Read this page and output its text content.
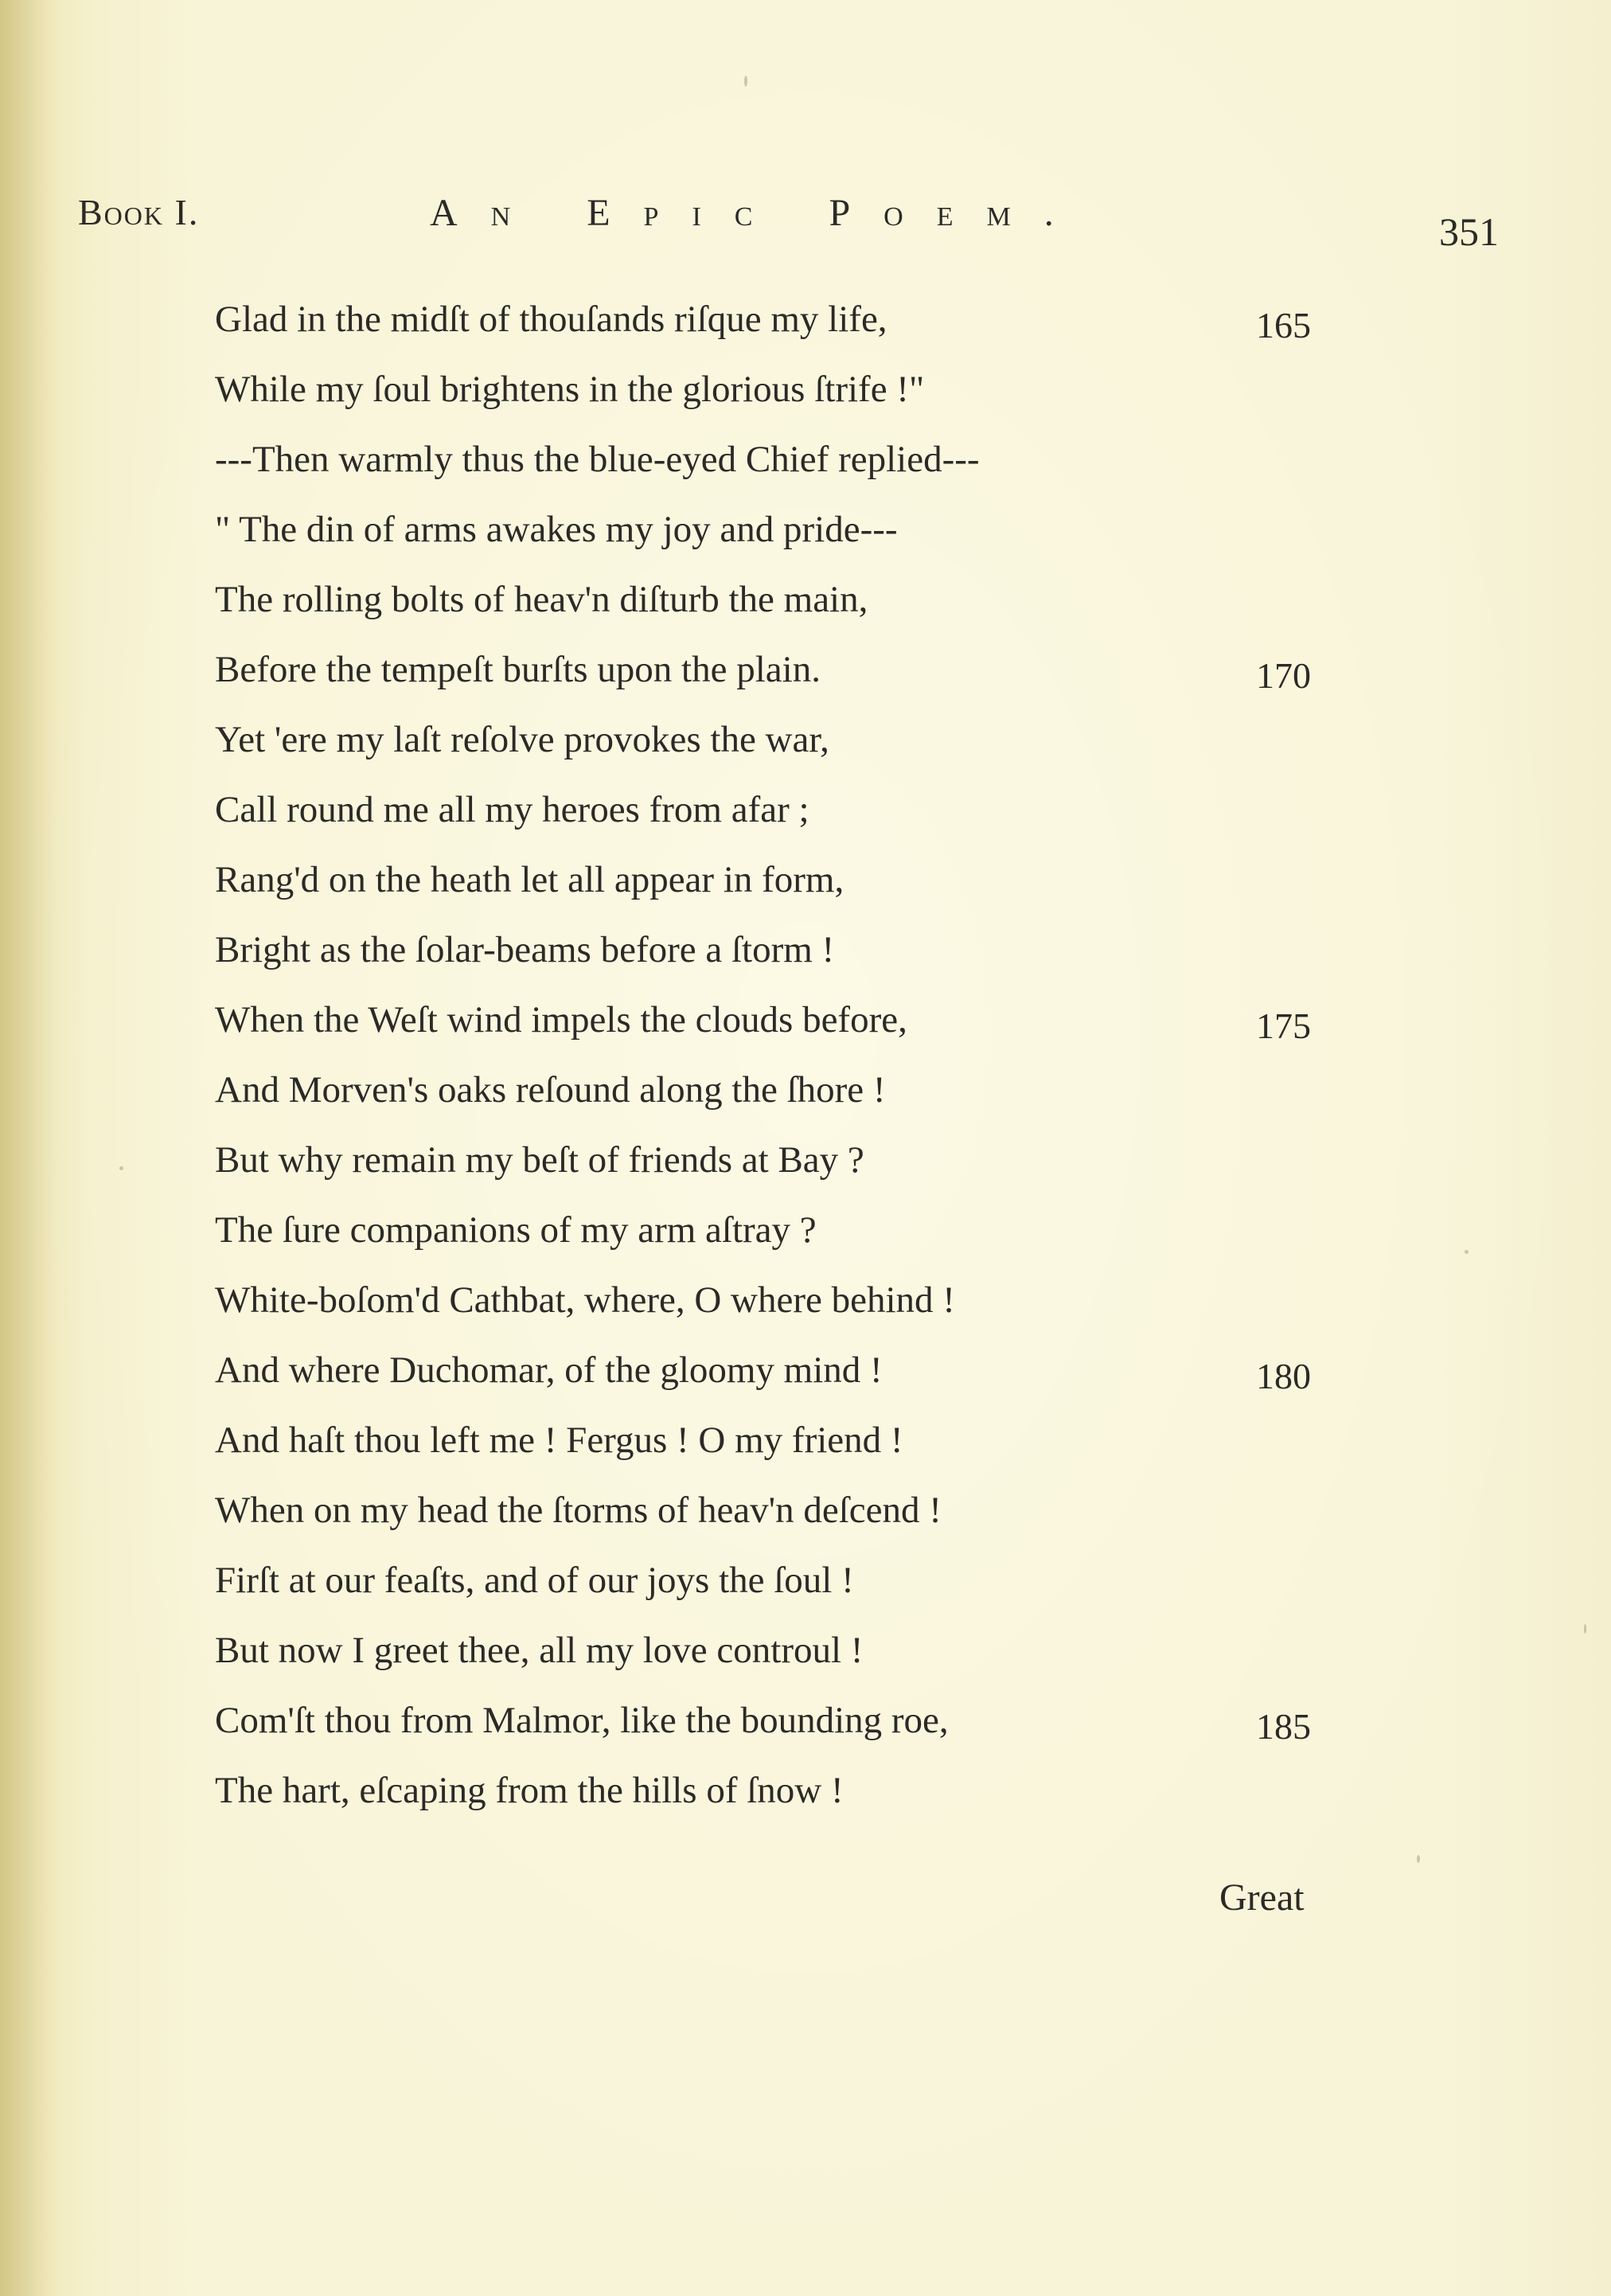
Book I.	An Epic Poem.	351
Glad in the midſt of thouſands riſque my life,	165
While my ſoul brightens in the glorious ſtrife !"
---Then warmly thus the blue-eyed Chief replied---
" The din of arms awakes my joy and pride---
The rolling bolts of heav'n diſturb the main,
Before the tempeſt burſts upon the plain.	170
Yet 'ere my laſt reſolve provokes the war,
Call round me all my heroes from afar ;
Rang'd on the heath let all appear in form,
Bright as the ſolar-beams before a ſtorm !
When the Weſt wind impels the clouds before,	175
And Morven's oaks reſound along the ſhore !
But why remain my beſt of friends at Bay ?
The ſure companions of my arm aſtray ?
White-boſom'd Cathbat, where, O where behind !
And where Duchomar, of the gloomy mind !	180
And haſt thou left me ! Fergus ! O my friend !
When on my head the ſtorms of heav'n deſcend !
Firſt at our feaſts, and of our joys the ſoul !
But now I greet thee, all my love controul !
Com'ſt thou from Malmor, like the bounding roe,	185
The hart, eſcaping from the hills of ſnow !
Great
